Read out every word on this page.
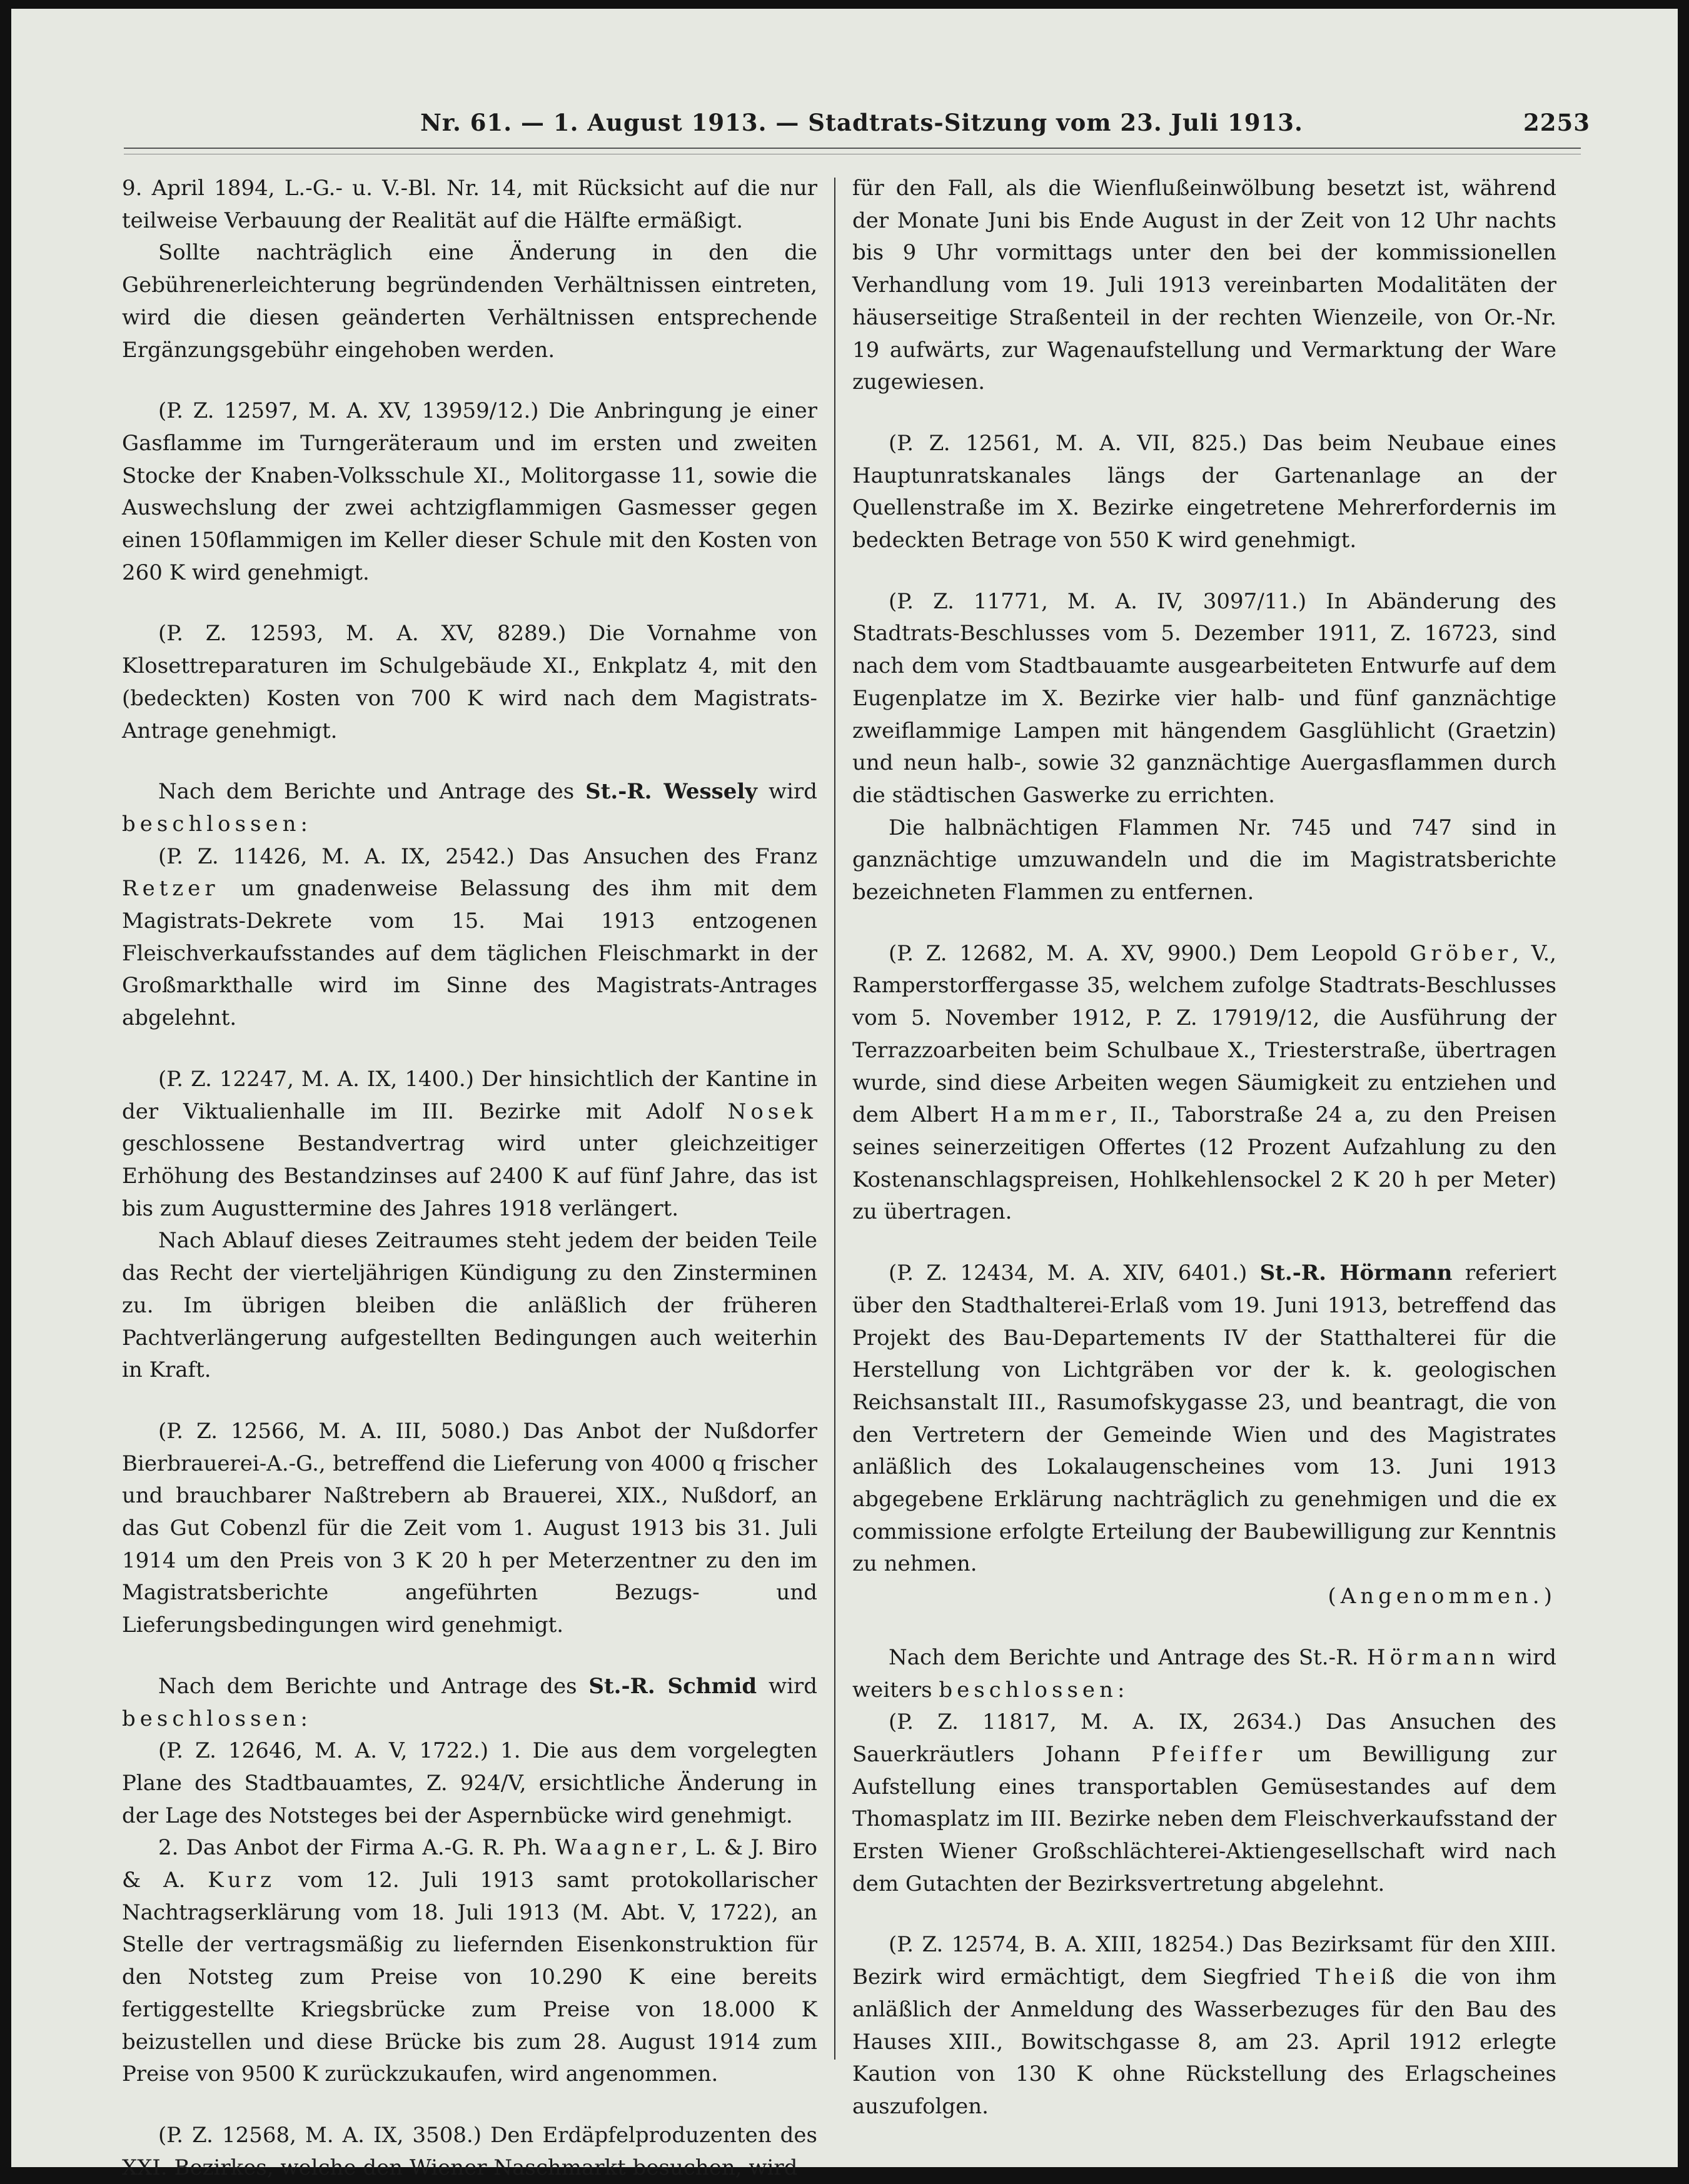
Nr. 61. — 1. August 1913. — Stadtrats-Sitzung vom 23. Juli 1913.	2253

9. April 1894, L.-G.- u. V.-Bl. Nr. 14, mit Rücksicht auf die nur teilweise Verbauung der Realität auf die Hälfte ermäßigt.

Sollte nachträglich eine Änderung in den die Gebührenerleichterung begründenden Verhältnissen eintreten, wird die diesen geänderten Verhältnissen entsprechende Ergänzungsgebühr eingehoben werden.

(P. Z. 12597, M. A. XV, 13959/12.) Die Anbringung je einer Gasflamme im Turngeräteraum und im ersten und zweiten Stocke der Knaben-Volksschule XI., Molitorgasse 11, sowie die Auswechslung der zwei achtzigflammigen Gasmesser gegen einen 150flammigen im Keller dieser Schule mit den Kosten von 260 K wird genehmigt.

(P. Z. 12593, M. A. XV, 8289.) Die Vornahme von Klosettreparaturen im Schulgebäude XI., Enkplatz 4, mit den (bedeckten) Kosten von 700 K wird nach dem Magistrats-Antrage genehmigt.

Nach dem Berichte und Antrage des St.-R. Wessely wird beschlossen:

(P. Z. 11426, M. A. IX, 2542.) Das Ansuchen des Franz Retzer um gnadenweise Belassung des ihm mit dem Magistrats-Dekrete vom 15. Mai 1913 entzogenen Fleischverkaufsstandes auf dem täglichen Fleischmarkt in der Großmarkthalle wird im Sinne des Magistrats-Antrages abgelehnt.

(P. Z. 12247, M. A. IX, 1400.) Der hinsichtlich der Kantine in der Viktualienhalle im III. Bezirke mit Adolf Nosek geschlossene Bestandvertrag wird unter gleichzeitiger Erhöhung des Bestandzinses auf 2400 K auf fünf Jahre, das ist bis zum Augusttermine des Jahres 1918 verlängert.

Nach Ablauf dieses Zeitraumes steht jedem der beiden Teile das Recht der vierteljährigen Kündigung zu den Zinsterminen zu. Im übrigen bleiben die anläßlich der früheren Pachtverlängerung aufgestellten Bedingungen auch weiterhin in Kraft.

(P. Z. 12566, M. A. III, 5080.) Das Anbot der Nußdorfer Bierbrauerei-A.-G., betreffend die Lieferung von 4000 q frischer und brauchbarer Naßtrebern ab Brauerei, XIX., Nußdorf, an das Gut Cobenzl für die Zeit vom 1. August 1913 bis 31. Juli 1914 um den Preis von 3 K 20 h per Meterzentner zu den im Magistratsberichte angeführten Bezugs- und Lieferungsbedingungen wird genehmigt.

Nach dem Berichte und Antrage des St.-R. Schmid wird beschlossen:

(P. Z. 12646, M. A. V, 1722.) 1. Die aus dem vorgelegten Plane des Stadtbauamtes, Z. 924/V, ersichtliche Änderung in der Lage des Notsteges bei der Aspernbücke wird genehmigt.

2. Das Anbot der Firma A.-G. R. Ph. Waagner, L. & J. Biro & A. Kurz vom 12. Juli 1913 samt protokollarischer Nachtragserklärung vom 18. Juli 1913 (M. Abt. V, 1722), an Stelle der vertragsmäßig zu liefernden Eisenkonstruktion für den Notsteg zum Preise von 10.290 K eine bereits fertiggestellte Kriegsbrücke zum Preise von 18.000 K beizustellen und diese Brücke bis zum 28. August 1914 zum Preise von 9500 K zurückzukaufen, wird angenommen.

(P. Z. 12568, M. A. IX, 3508.) Den Erdäpfelproduzenten des XXI. Bezirkes, welche den Wiener Naschmarkt besuchen, wird

für den Fall, als die Wienflußeinwölbung besetzt ist, während der Monate Juni bis Ende August in der Zeit von 12 Uhr nachts bis 9 Uhr vormittags unter den bei der kommissionellen Verhandlung vom 19. Juli 1913 vereinbarten Modalitäten der häuserseitige Straßenteil in der rechten Wienzeile, von Or.-Nr. 19 aufwärts, zur Wagenaufstellung und Vermarktung der Ware zugewiesen.

(P. Z. 12561, M. A. VII, 825.) Das beim Neubaue eines Hauptunratskanales längs der Gartenanlage an der Quellenstraße im X. Bezirke eingetretene Mehrerfordernis im bedeckten Betrage von 550 K wird genehmigt.

(P. Z. 11771, M. A. IV, 3097/11.) In Abänderung des Stadtrats-Beschlusses vom 5. Dezember 1911, Z. 16723, sind nach dem vom Stadtbauamte ausgearbeiteten Entwurfe auf dem Eugenplatze im X. Bezirke vier halb- und fünf ganznächtige zweiflammige Lampen mit hängendem Gasglühlicht (Graetzin) und neun halb-, sowie 32 ganznächtige Auergasflammen durch die städtischen Gaswerke zu errichten.

Die halbnächtigen Flammen Nr. 745 und 747 sind in ganznächtige umzuwandeln und die im Magistratsberichte bezeichneten Flammen zu entfernen.

(P. Z. 12682, M. A. XV, 9900.) Dem Leopold Gröber, V., Ramperstorffergasse 35, welchem zufolge Stadtrats-Beschlusses vom 5. November 1912, P. Z. 17919/12, die Ausführung der Terrazzoarbeiten beim Schulbaue X., Triesterstraße, übertragen wurde, sind diese Arbeiten wegen Säumigkeit zu entziehen und dem Albert Hammer, II., Taborstraße 24 a, zu den Preisen seines seinerzeitigen Offertes (12 Prozent Aufzahlung zu den Kostenanschlagspreisen, Hohlkehlensockel 2 K 20 h per Meter) zu übertragen.

(P. Z. 12434, M. A. XIV, 6401.) St.-R. Hörmann referiert über den Stadthalterei-Erlaß vom 19. Juni 1913, betreffend das Projekt des Bau-Departements IV der Statthalterei für die Herstellung von Lichtgräben vor der k. k. geologischen Reichsanstalt III., Rasumofskygasse 23, und beantragt, die von den Vertretern der Gemeinde Wien und des Magistrates anläßlich des Lokalaugenscheines vom 13. Juni 1913 abgegebene Erklärung nachträglich zu genehmigen und die ex commissione erfolgte Erteilung der Baubewilligung zur Kenntnis zu nehmen.

(Angenommen.)

Nach dem Berichte und Antrage des St.-R. Hörmann wird weiters beschlossen:

(P. Z. 11817, M. A. IX, 2634.) Das Ansuchen des Sauerkräutlers Johann Pfeiffer um Bewilligung zur Aufstellung eines transportablen Gemüsestandes auf dem Thomasplatz im III. Bezirke neben dem Fleischverkaufsstand der Ersten Wiener Großschlächterei-Aktiengesellschaft wird nach dem Gutachten der Bezirksvertretung abgelehnt.

(P. Z. 12574, B. A. XIII, 18254.) Das Bezirksamt für den XIII. Bezirk wird ermächtigt, dem Siegfried Theiß die von ihm anläßlich der Anmeldung des Wasserbezuges für den Bau des Hauses XIII., Bowitschgasse 8, am 23. April 1912 erlegte Kaution von 130 K ohne Rückstellung des Erlagscheines auszufolgen.
